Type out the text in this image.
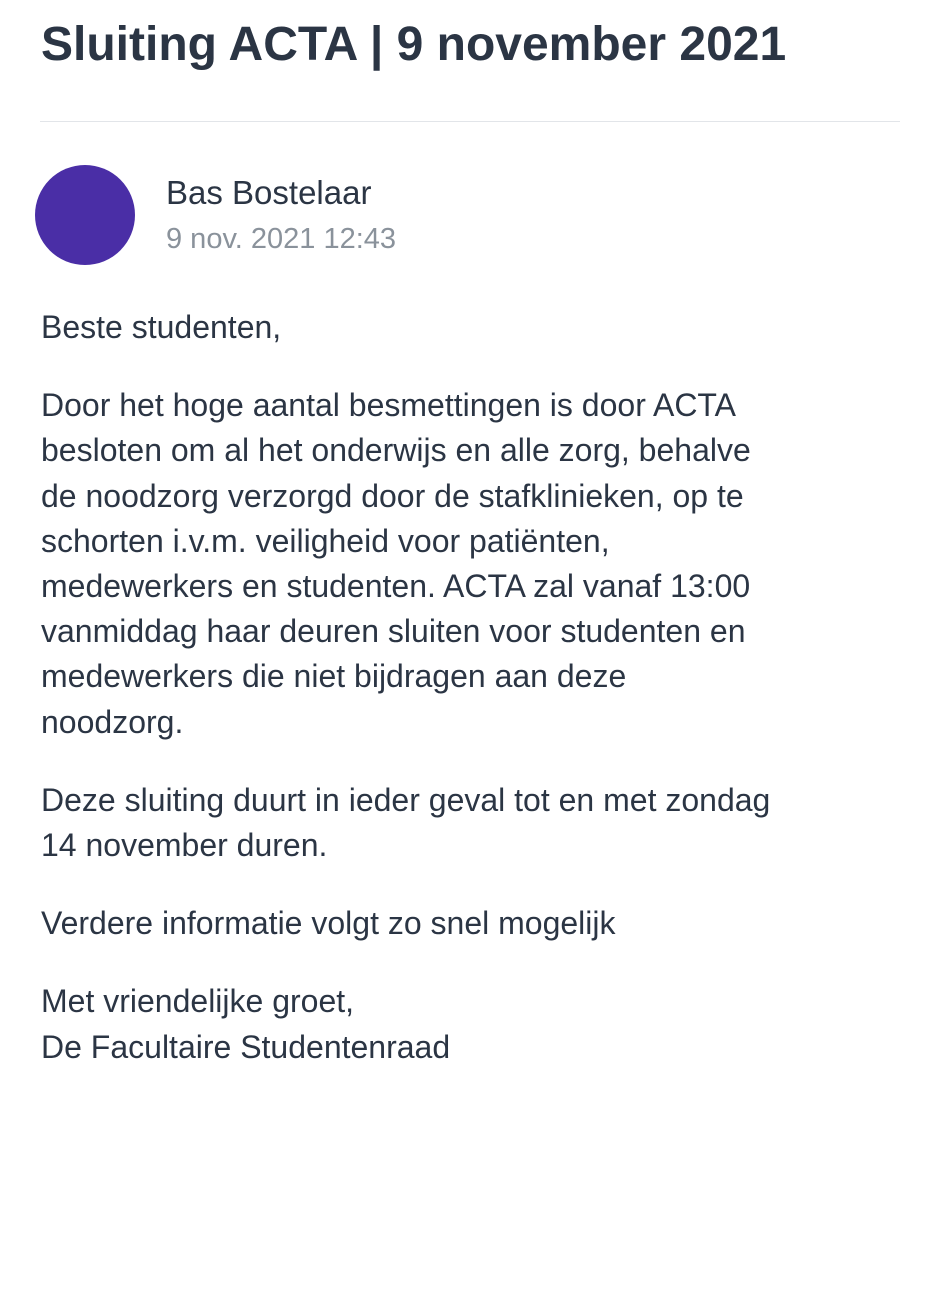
Sluiting ACTA | 9 november 2021
Bas Bostelaar
9 nov. 2021 12:43

Beste studenten,

Door het hoge aantal besmettingen is door ACTA
besloten om al het onderwijs en alle zorg, behalve
de noodzorg verzorgd door de stafklinieken, op te
schorten i.v.m. veiligheid voor patiënten,
medewerkers en studenten. ACTA zal vanaf 13:00
vanmiddag haar deuren sluiten voor studenten en
medewerkers die niet bijdragen aan deze
noodzorg.

Deze sluiting duurt in ieder geval tot en met zondag
14 november duren.

Verdere informatie volgt zo snel mogelijk

Met vriendelijke groet,
De Facultaire Studentenraad
